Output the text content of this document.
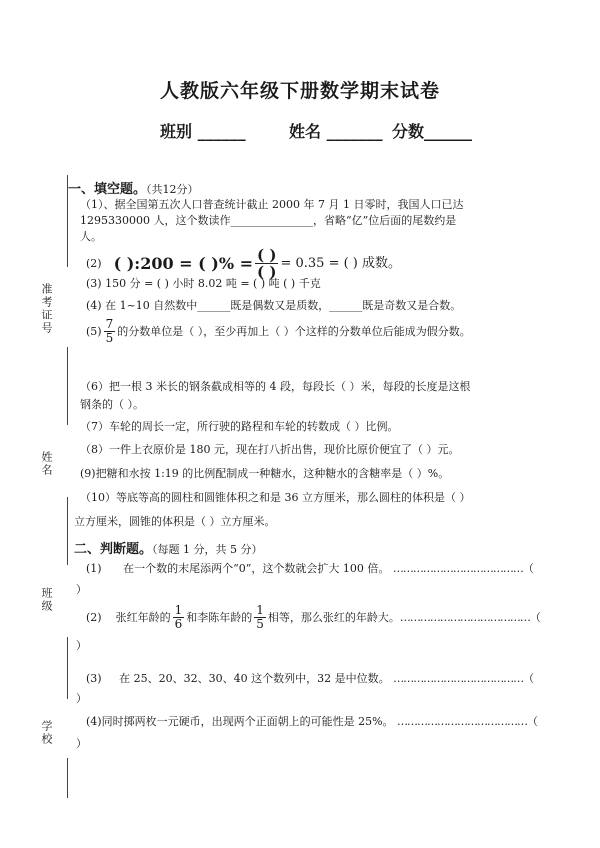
人教版六年级下册数学期末试卷
班别 ______	姓名 _______ 分数______
准考证号
姓名
班级
学校
一、填空题。（共12分）
（1）、据全国第五次人口普查统计截止 2000 年 7 月 1 日零时，我国人口已达
1295330000 人，这个数读作_______________，省略“亿”位后面的尾数约是
人。
(2) ( ):200 = ( )% = $\frac{( )}{( )} = 0.35$ = ( ) 成数。
(3) 150 分 = ( ) 小时 8.02 吨 = ( ) 吨 ( ) 千克
(4) 在 1~10 自然数中______既是偶数又是质数，______既是奇数又是合数。
$(5) \frac{7}{5}$ 的分数单位是（ ），至少再加上（ ）个这样的分数单位后能成为假分数。
（6）把一根 3 米长的钢条截成相等的 4 段，每段长（ ）米，每段的长度是这根
钢条的（ ）。
（7）车轮的周长一定，所行驶的路程和车轮的转数成（ ）比例。
（8）一件上衣原价是 180 元，现在打八折出售，现价比原价便宜了（ ）元。
(9)把糖和水按 1:19 的比例配制成一种糖水，这种糖水的含糖率是（ ）%。
（10）等底等高的圆柱和圆锥体积之和是 36 立方厘米，那么圆柱的体积是（ ）
立方厘米，圆锥的体积是（ ）立方厘米。
二、判断题。（每题 1 分，共 5 分）
(1) 在一个数的末尾添两个“0”，这个数就会扩大 100 倍。 …………………………………（
）
(2) 张红年龄的 $\frac{1}{6}$ 和李陈年龄的 $\frac{1}{5}$ 相等，那么张红的年龄大。 …………………………………（
）
(3) 在 25、20、32、30、40 这个数列中，32 是中位数。 …………………………………（
）
(4)同时掷两枚一元硬币，出现两个正面朝上的可能性是 25%。 …………………………………（
）
